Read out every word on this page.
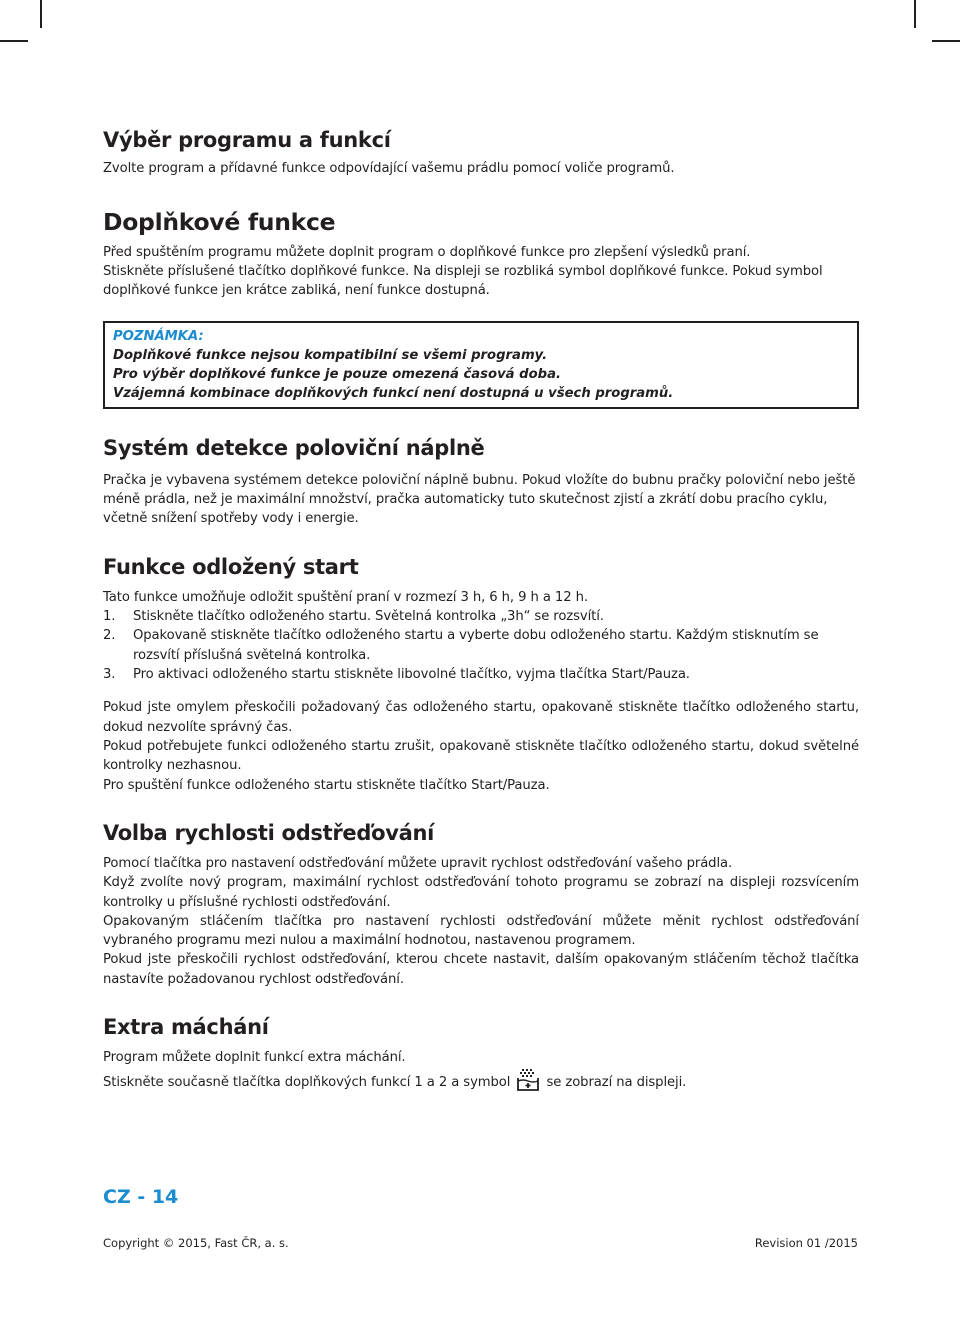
Výběr programu a funkcí

Zvolte program a přídavné funkce odpovídající vašemu prádlu pomocí voliče programů.

Doplňkové funkce

Před spuštěním programu můžete doplnit program o doplňkové funkce pro zlepšení výsledků praní.

Stiskněte příslušené tlačítko doplňkové funkce. Na displeji se rozbliká symbol doplňkové funkce. Pokud symbol doplňkové funkce jen krátce zabliká, není funkce dostupná.

POZNÁMKA:
Doplňkové funkce nejsou kompatibilní se všemi programy.
Pro výběr doplňkové funkce je pouze omezená časová doba.
Vzájemná kombinace doplňkových funkcí není dostupná u všech programů.
Systém detekce poloviční náplně

Pračka je vybavena systémem detekce poloviční náplně bubnu. Pokud vložíte do bubnu pračky poloviční nebo ještě méně prádla, než je maximální množství, pračka automaticky tuto skutečnost zjistí a zkrátí dobu pracího cyklu, včetně snížení spotřeby vody i energie.

Funkce odložený start

Tato funkce umožňuje odložit spuštění praní v rozmezí 3 h, 6 h, 9 h a 12 h.

1. Stiskněte tlačítko odloženého startu. Světelná kontrolka „3h“ se rozsvítí.
2. Opakovaně stiskněte tlačítko odloženého startu a vyberte dobu odloženého startu. Každým stisknutím se rozsvítí příslušná světelná kontrolka.
3. Pro aktivaci odloženého startu stiskněte libovolné tlačítko, vyjma tlačítka Start/Pauza.

Pokud jste omylem přeskočili požadovaný čas odloženého startu, opakovaně stiskněte tlačítko odloženého startu, dokud nezvolíte správný čas.

Pokud potřebujete funkci odloženého startu zrušit, opakovaně stiskněte tlačítko odloženého startu, dokud světelné kontrolky nezhasnou.

Pro spuštění funkce odloženého startu stiskněte tlačítko Start/Pauza.

Volba rychlosti odstřeďování

Pomocí tlačítka pro nastavení odstřeďování můžete upravit rychlost odstřeďování vašeho prádla.

Když zvolíte nový program, maximální rychlost odstřeďování tohoto programu se zobrazí na displeji rozsvícením kontrolky u příslušné rychlosti odstřeďování.

Opakovaným stláčením tlačítka pro nastavení rychlosti odstřeďování můžete měnit rychlost odstřeďování vybraného programu mezi nulou a maximální hodnotou, nastavenou programem.

Pokud jste přeskočili rychlost odstřeďování, kterou chcete nastavit, dalším opakovaným stláčením těchož tlačítka nastavíte požadovanou rychlost odstřeďování.

Extra máchání

Program můžete doplnit funkcí extra máchání.

Stiskněte současně tlačítka doplňkových funkcí 1 a 2 a symbol	se zobrazí na displeji.

CZ - 14
Copyright © 2015, Fast ČR, a. s.	Revision 01 /2015
